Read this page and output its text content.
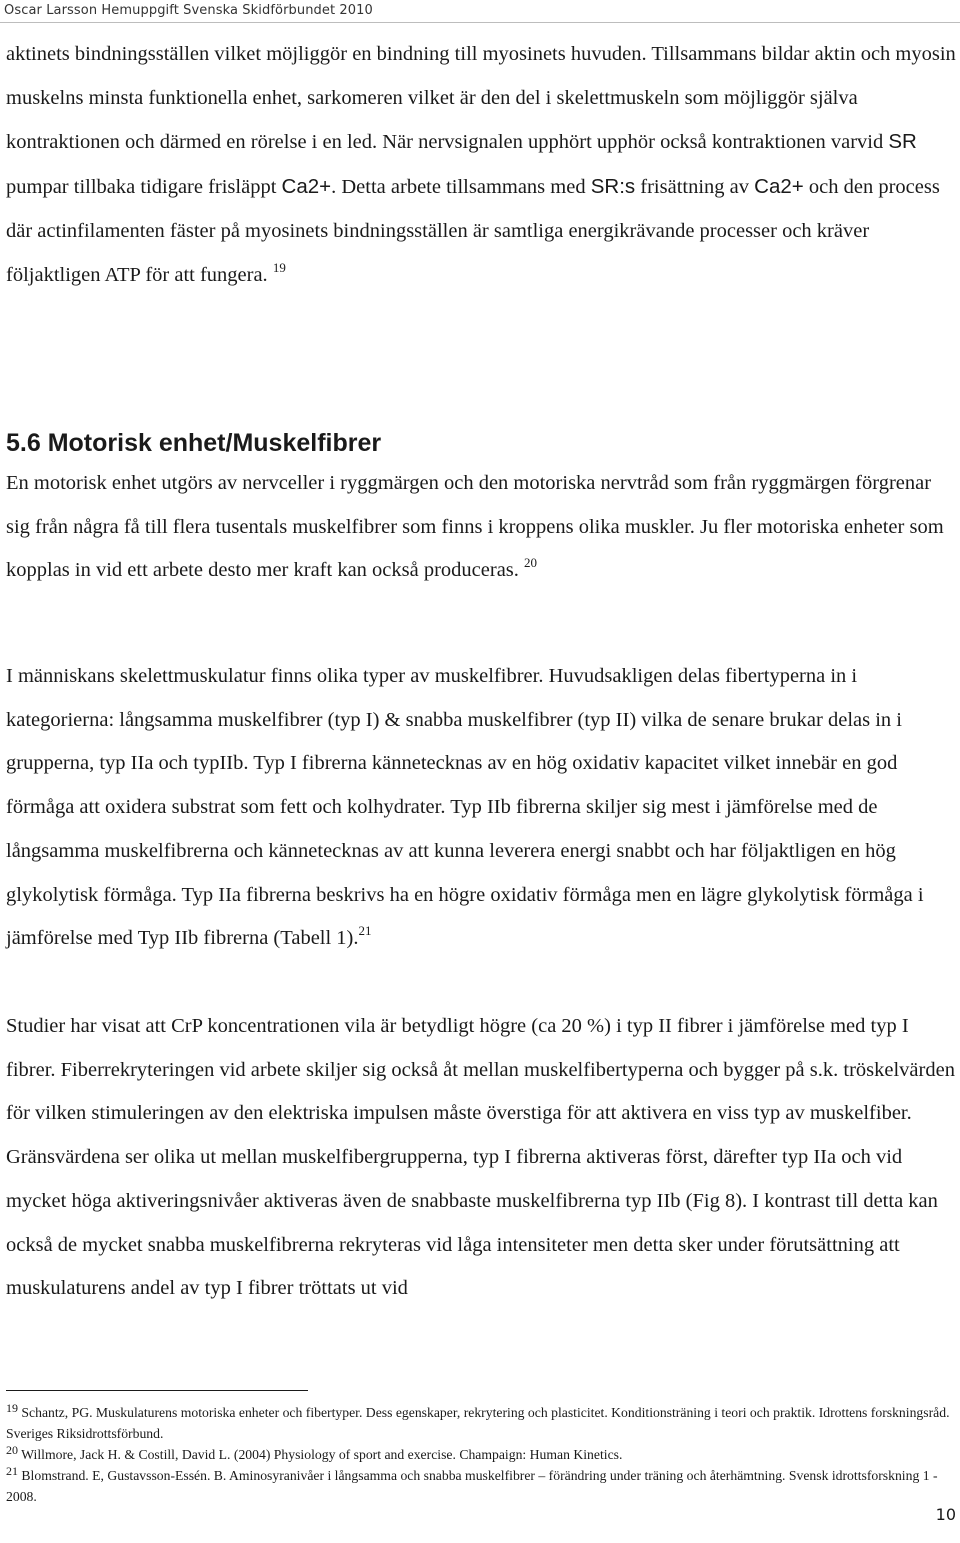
Oscar Larsson Hemuppgift Svenska Skidförbundet 2010

aktinets bindningsställen vilket möjliggör en bindning till myosinets huvuden. Tillsammans bildar aktin och myosin muskelns minsta funktionella enhet, sarkomeren vilket är den del i skelettmuskeln som möjliggör själva kontraktionen och därmed en rörelse i en led. När nervsignalen upphört upphör också kontraktionen varvid SR pumpar tillbaka tidigare frisläppt Ca2+. Detta arbete tillsammans med SR:s frisättning av Ca2+ och den process där actinfilamenten fäster på myosinets bindningsställen är samtliga energikrävande processer och kräver följaktligen ATP för att fungera. $^{19}$

5.6 Motorisk enhet/Muskelfibrer

En motorisk enhet utgörs av nervceller i ryggmärgen och den motoriska nervtråd som från ryggmärgen förgrenar sig från några få till flera tusentals muskelfibrer som finns i kroppens olika muskler. Ju fler motoriska enheter som kopplas in vid ett arbete desto mer kraft kan också produceras. $^{20}$

I människans skelettmuskulatur finns olika typer av muskelfibrer. Huvudsakligen delas fibertyperna in i kategorierna: långsamma muskelfibrer (typ I) & snabba muskelfibrer (typ II) vilka de senare brukar delas in i grupperna, typ IIa och typIIb. Typ I fibrerna kännetecknas av en hög oxidativ kapacitet vilket innebär en god förmåga att oxidera substrat som fett och kolhydrater. Typ IIb fibrerna skiljer sig mest i jämförelse med de långsamma muskelfibrerna och kännetecknas av att kunna leverera energi snabbt och har följaktligen en hög glykolytisk förmåga. Typ IIa fibrerna beskrivs ha en högre oxidativ förmåga men en lägre glykolytisk förmåga i jämförelse med Typ IIb fibrerna (Tabell 1).$^{21}$

Studier har visat att CrP koncentrationen vila är betydligt högre (ca 20 %) i typ II fibrer i jämförelse med typ I fibrer. Fiberrekryteringen vid arbete skiljer sig också åt mellan muskelfibertyperna och bygger på s.k. tröskelvärden för vilken stimuleringen av den elektriska impulsen måste överstiga för att aktivera en viss typ av muskelfiber. Gränsvärdena ser olika ut mellan muskelfibergrupperna, typ I fibrerna aktiveras först, därefter typ IIa och vid mycket höga aktiveringsnivåer aktiveras även de snabbaste muskelfibrerna typ IIb (Fig 8). I kontrast till detta kan också de mycket snabba muskelfibrerna rekryteras vid låga intensiteter men detta sker under förutsättning att muskulaturens andel av typ I fibrer tröttats ut vid

$^{19}$ Schantz, PG. Muskulaturens motoriska enheter och fibertyper. Dess egenskaper, rekrytering och plasticitet. Konditionsträning i teori och praktik. Idrottens forskningsråd. Sveriges Riksidrottsförbund.

$^{20}$ Willmore, Jack H. & Costill, David L. (2004) Physiology of sport and exercise. Champaign: Human Kinetics.

$^{21}$ Blomstrand. E, Gustavsson-Essén. B. Aminosyranivåer i långsamma och snabba muskelfibrer – förändring under träning och återhämtning. Svensk idrottsforskning 1 - 2008.

10
